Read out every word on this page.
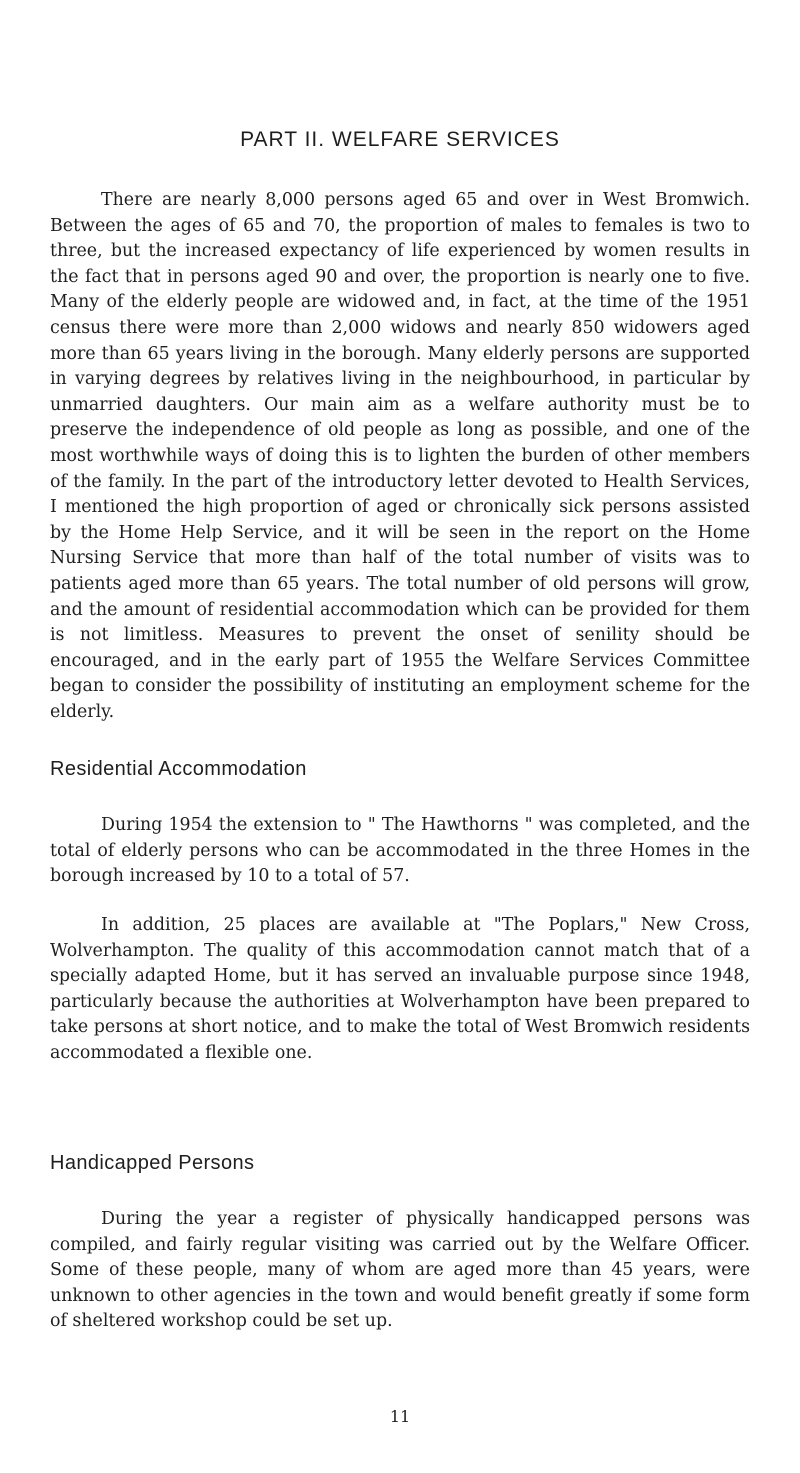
PART II. WELFARE SERVICES

There are nearly 8,000 persons aged 65 and over in West Bromwich. Between the ages of 65 and 70, the proportion of males to females is two to three, but the increased expectancy of life experienced by women results in the fact that in persons aged 90 and over, the proportion is nearly one to five. Many of the elderly people are widowed and, in fact, at the time of the 1951 census there were more than 2,000 widows and nearly 850 widowers aged more than 65 years living in the borough. Many elderly persons are supported in varying degrees by relatives living in the neighbourhood, in particular by unmarried daughters. Our main aim as a welfare authority must be to preserve the independence of old people as long as possible, and one of the most worthwhile ways of doing this is to lighten the burden of other members of the family. In the part of the introductory letter devoted to Health Services, I mentioned the high proportion of aged or chronically sick persons assisted by the Home Help Service, and it will be seen in the report on the Home Nursing Service that more than half of the total number of visits was to patients aged more than 65 years. The total number of old persons will grow, and the amount of residential accommodation which can be provided for them is not limitless. Measures to prevent the onset of senility should be encouraged, and in the early part of 1955 the Welfare Services Committee began to consider the possibility of instituting an employment scheme for the elderly.

Residential Accommodation

During 1954 the extension to " The Hawthorns " was completed, and the total of elderly persons who can be accommodated in the three Homes in the borough increased by 10 to a total of 57.

In addition, 25 places are available at "The Poplars," New Cross, Wolverhampton. The quality of this accommodation cannot match that of a specially adapted Home, but it has served an invaluable purpose since 1948, particularly because the authorities at Wolverhampton have been prepared to take persons at short notice, and to make the total of West Bromwich residents accommodated a flexible one.

Handicapped Persons

During the year a register of physically handicapped persons was compiled, and fairly regular visiting was carried out by the Welfare Officer. Some of these people, many of whom are aged more than 45 years, were unknown to other agencies in the town and would benefit greatly if some form of sheltered workshop could be set up.

11
